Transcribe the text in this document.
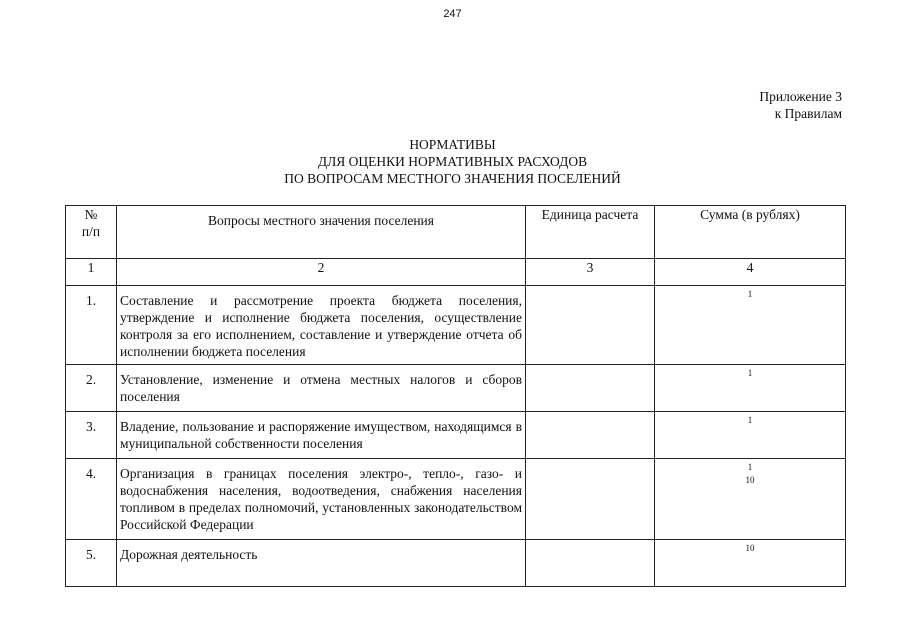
247
Приложение 3
к Правилам
НОРМАТИВЫ
ДЛЯ ОЦЕНКИ НОРМАТИВНЫХ РАСХОДОВ
ПО ВОПРОСАМ МЕСТНОГО ЗНАЧЕНИЯ ПОСЕЛЕНИЙ
№
п/п	Вопросы местного значения поселения	Единица расчета	Сумма (в рублях)
1	2	3	4
1.	Составление и рассмотрение проекта бюджета поселения, утверждение и исполнение бюджета поселения, осуществление контроля за его исполнением, составление и утверждение отчета об исполнении бюджета поселения		1

2.	Установление, изменение и отмена местных налогов и сборов поселения		1

3.	Владение, пользование и распоряжение имуществом, находящимся в муниципальной собственности поселения		1

4.	Организация в границах поселения электро-, тепло-, газо- и водоснабжения населения, водоотведения, снабжения населения топливом в пределах полномочий, установленных законодательством Российской Федерации		1
10

5.	Дорожная деятельность		10
